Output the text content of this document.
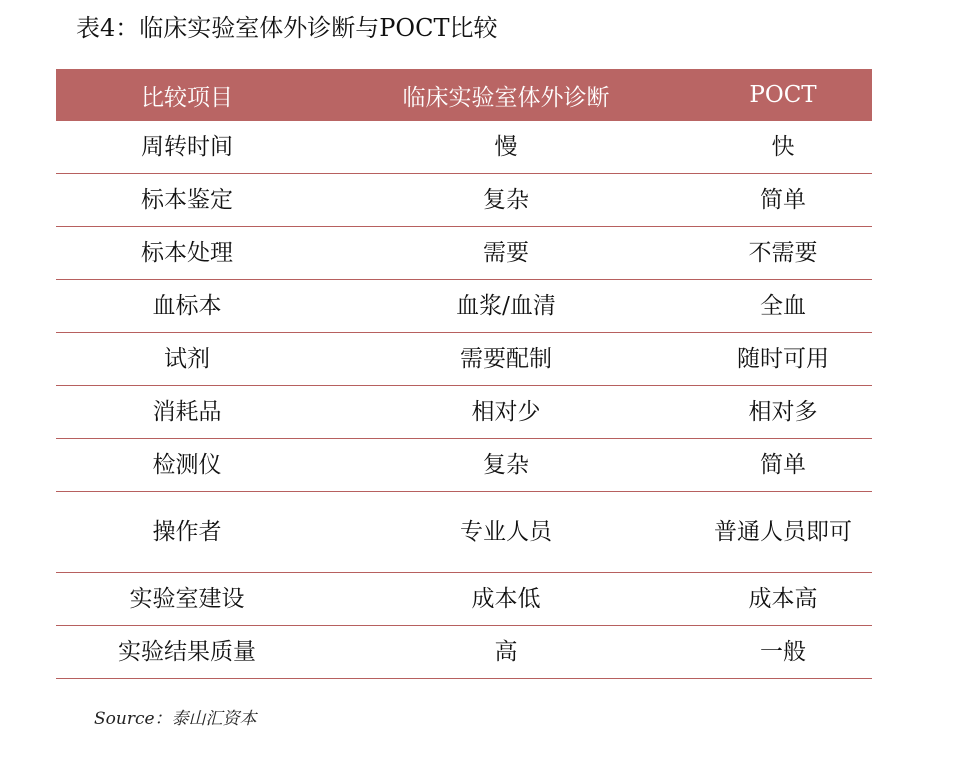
表4：临床实验室体外诊断与POCT比较
比较项目	临床实验室体外诊断	POCT
周转时间	慢	快
标本鉴定	复杂	简单
标本处理	需要	不需要
血标本	血浆/血清	全血
试剂	需要配制	随时可用
消耗品	相对少	相对多
检测仪	复杂	简单
操作者	专业人员	普通人员即可
实验室建设	成本低	成本高
实验结果质量	高	一般
Source：泰山汇资本
